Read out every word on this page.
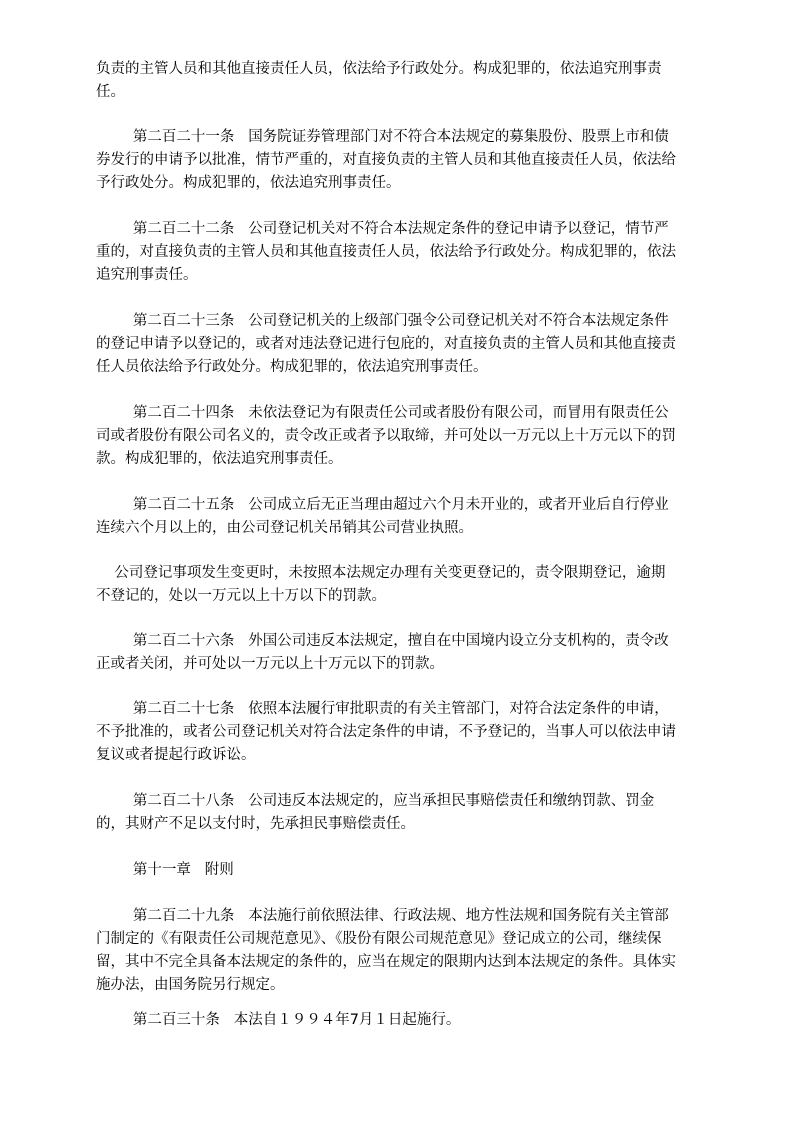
负责的主管人员和其他直接责任人员，依法给予行政处分。构成犯罪的，依法追究刑事责
任。
第二百二十一条   国务院证券管理部门对不符合本法规定的募集股份、股票上市和债
券发行的申请予以批准，情节严重的，对直接负责的主管人员和其他直接责任人员，依法给
予行政处分。构成犯罪的，依法追究刑事责任。
第二百二十二条   公司登记机关对不符合本法规定条件的登记申请予以登记，情节严
重的，对直接负责的主管人员和其他直接责任人员，依法给予行政处分。构成犯罪的，依法
追究刑事责任。
第二百二十三条   公司登记机关的上级部门强令公司登记机关对不符合本法规定条件
的登记申请予以登记的，或者对违法登记进行包庇的，对直接负责的主管人员和其他直接责
任人员依法给予行政处分。构成犯罪的，依法追究刑事责任。
第二百二十四条   未依法登记为有限责任公司或者股份有限公司，而冒用有限责任公
司或者股份有限公司名义的，责令改正或者予以取缔，并可处以一万元以上十万元以下的罚
款。构成犯罪的，依法追究刑事责任。
第二百二十五条   公司成立后无正当理由超过六个月未开业的，或者开业后自行停业
连续六个月以上的，由公司登记机关吊销其公司营业执照。
公司登记事项发生变更时，未按照本法规定办理有关变更登记的，责令限期登记，逾期
不登记的，处以一万元以上十万以下的罚款。
第二百二十六条   外国公司违反本法规定，擅自在中国境内设立分支机构的，责令改
正或者关闭，并可处以一万元以上十万元以下的罚款。
第二百二十七条   依照本法履行审批职责的有关主管部门，对符合法定条件的申请，
不予批准的，或者公司登记机关对符合法定条件的申请，不予登记的，当事人可以依法申请
复议或者提起行政诉讼。
第二百二十八条   公司违反本法规定的，应当承担民事赔偿责任和缴纳罚款、罚金
的，其财产不足以支付时，先承担民事赔偿责任。
第十一章   附则
第二百二十九条   本法施行前依照法律、行政法规、地方性法规和国务院有关主管部
门制定的《有限责任公司规范意见》、《股份有限公司规范意见》登记成立的公司，继续保
留，其中不完全具备本法规定的条件的，应当在规定的限期内达到本法规定的条件。具体实
施办法，由国务院另行规定。
第二百三十条   本法自１９９４年7月１日起施行。
